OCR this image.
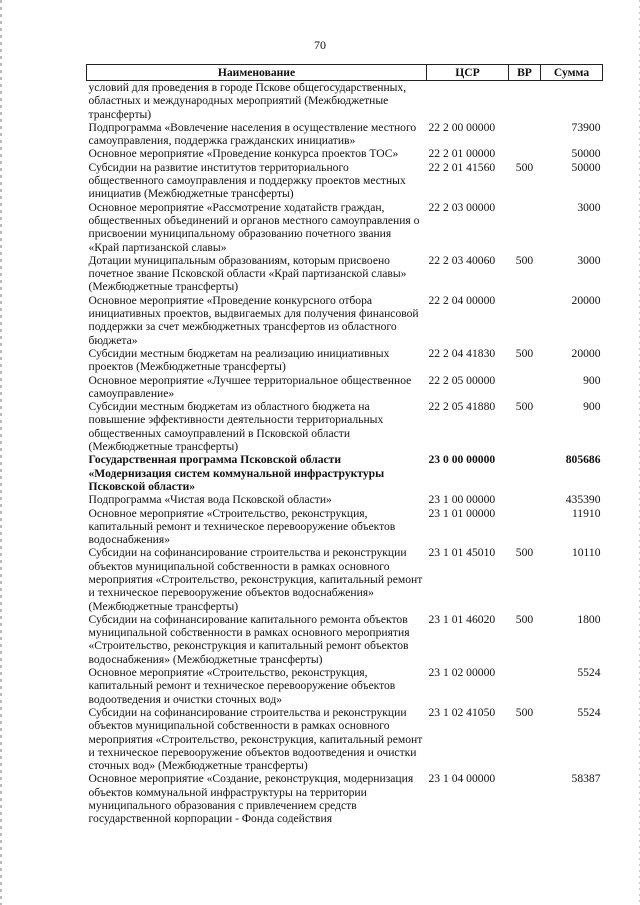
70
Наименование	ЦСР	ВР	Сумма
условий для проведения в городе Пскове общегосударственных, областных и международных мероприятий (Межбюджетные трансферты)			
Подпрограмма «Вовлечение населения в осуществление местного самоуправления, поддержка гражданских инициатив»	22 2 00 00000		73900
Основное мероприятие «Проведение конкурса проектов ТОС»	22 2 01 00000		50000
Субсидии на развитие институтов территориального общественного самоуправления и поддержку проектов местных инициатив (Межбюджетные трансферты)	22 2 01 41560	500	50000
Основное мероприятие «Рассмотрение ходатайств граждан, общественных объединений и органов местного самоуправления о присвоении муниципальному образованию почетного звания «Край партизанской славы»	22 2 03 00000		3000
Дотации муниципальным образованиям, которым присвоено почетное звание Псковской области «Край партизанской славы» (Межбюджетные трансферты)	22 2 03 40060	500	3000
Основное мероприятие «Проведение конкурсного отбора инициативных проектов, выдвигаемых для получения финансовой поддержки за счет межбюджетных трансфертов из областного бюджета»	22 2 04 00000		20000
Субсидии местным бюджетам на реализацию инициативных проектов (Межбюджетные трансферты)	22 2 04 41830	500	20000
Основное мероприятие «Лучшее территориальное общественное самоуправление»	22 2 05 00000		900
Субсидии местным бюджетам из областного бюджета на повышение эффективности деятельности территориальных общественных самоуправлений в Псковской области (Межбюджетные трансферты)	22 2 05 41880	500	900
Государственная программа Псковской области «Модернизация систем коммунальной инфраструктуры Псковской области»	23 0 00 00000		805686
Подпрограмма «Чистая вода Псковской области»	23 1 00 00000		435390
Основное мероприятие «Строительство, реконструкция, капитальный ремонт и техническое перевооружение объектов водоснабжения»	23 1 01 00000		11910
Субсидии на софинансирование строительства и реконструкции объектов муниципальной собственности в рамках основного мероприятия «Строительство, реконструкция, капитальный ремонт и техническое перевооружение объектов водоснабжения» (Межбюджетные трансферты)	23 1 01 45010	500	10110
Субсидии на софинансирование капитального ремонта объектов муниципальной собственности в рамках основного мероприятия «Строительство, реконструкция и капитальный ремонт объектов водоснабжения» (Межбюджетные трансферты)	23 1 01 46020	500	1800
Основное мероприятие «Строительство, реконструкция, капитальный ремонт и техническое перевооружение объектов водоотведения и очистки сточных вод»	23 1 02 00000		5524
Субсидии на софинансирование строительства и реконструкции объектов муниципальной собственности в рамках основного мероприятия «Строительство, реконструкция, капитальный ремонт и техническое перевооружение объектов водоотведения и очистки сточных вод» (Межбюджетные трансферты)	23 1 02 41050	500	5524
Основное мероприятие «Создание, реконструкция, модернизация объектов коммунальной инфраструктуры на территории муниципального образования с привлечением средств государственной корпорации - Фонда содействия	23 1 04 00000		58387
